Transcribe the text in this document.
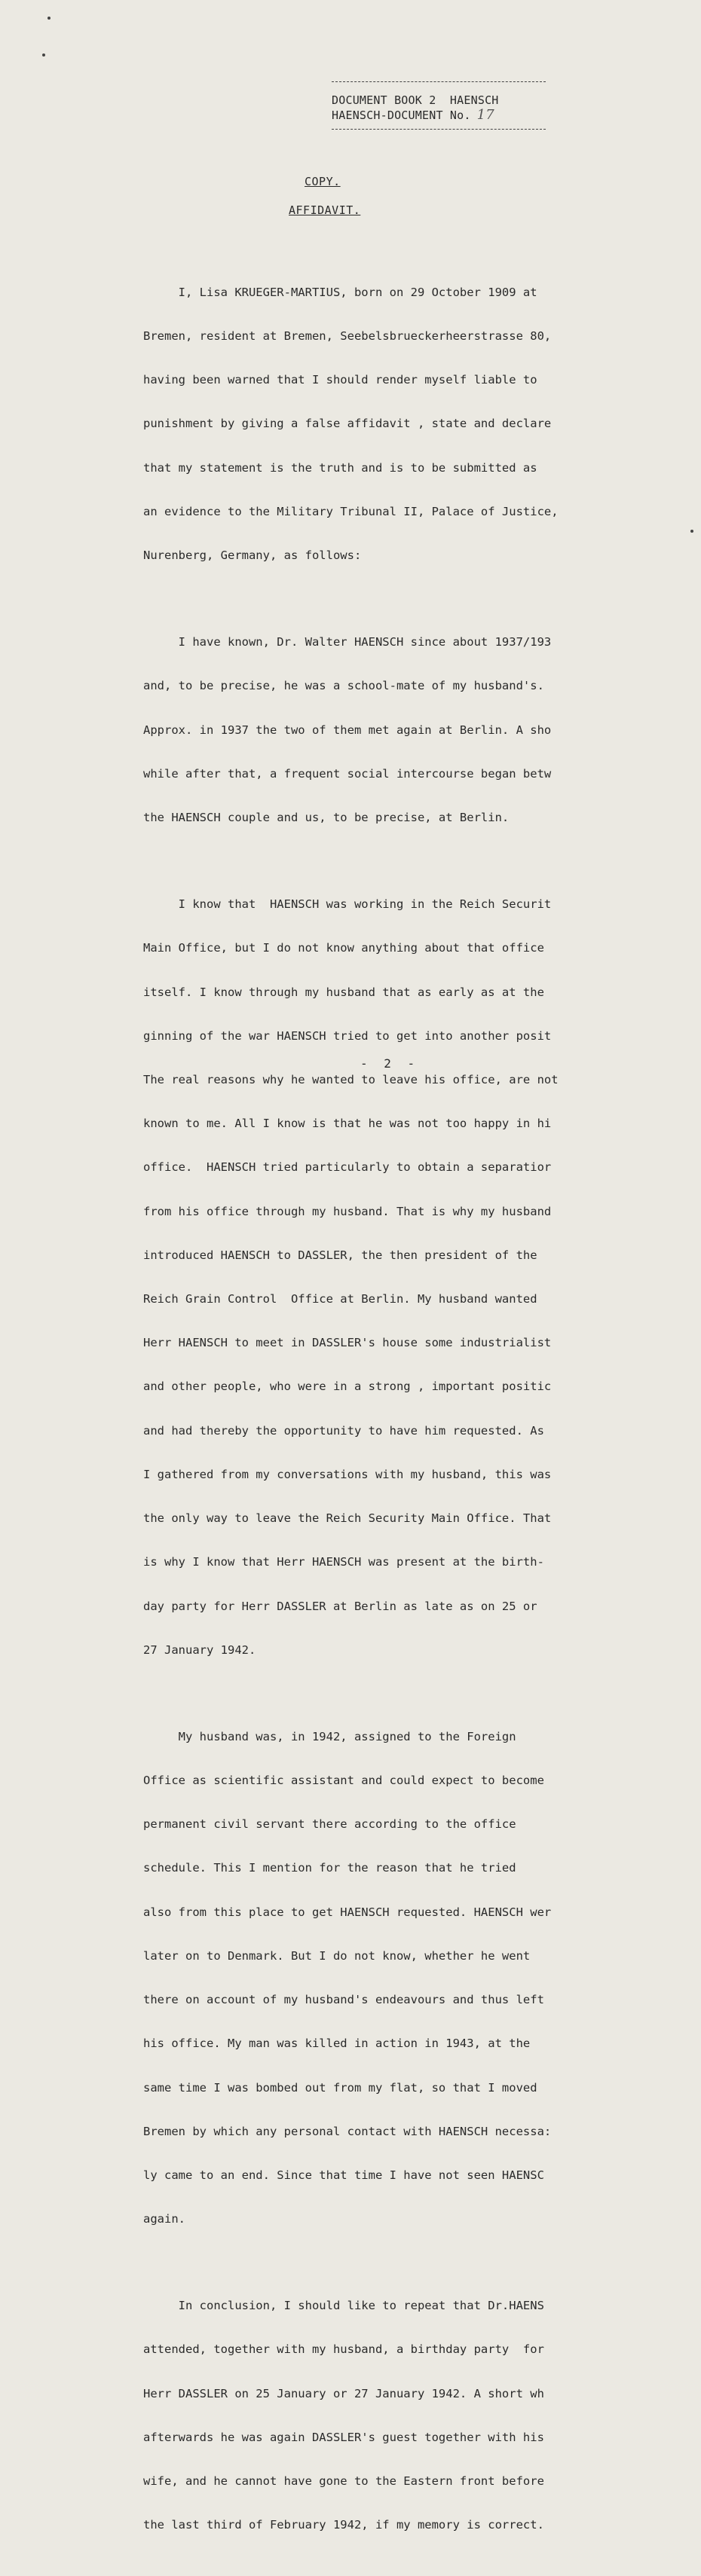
DOCUMENT BOOK 2  HAENSCH
HAENSCH-DOCUMENT No. 17
COPY.
AFFIDAVIT.

I, Lisa KRUEGER-MARTIUS, born on 29 October 1909 at

Bremen, resident at Bremen, Seebelsbrueckerheerstrasse 80,

having been warned that I should render myself liable to

punishment by giving a false affidavit , state and declare

that my statement is the truth and is to be submitted as

an evidence to the Military Tribunal II, Palace of Justice,

Nurenberg, Germany, as follows:

I have known, Dr. Walter HAENSCH since about 1937/193

and, to be precise, he was a school-mate of my husband's.

Approx. in 1937 the two of them met again at Berlin. A sho

while after that, a frequent social intercourse began betw

the HAENSCH couple and us, to be precise, at Berlin.

I know that  HAENSCH was working in the Reich Securit

Main Office, but I do not know anything about that office

itself. I know through my husband that as early as at the

ginning of the war HAENSCH tried to get into another posit

The real reasons why he wanted to leave his office, are not

known to me. All I know is that he was not too happy in hi

office.  HAENSCH tried particularly to obtain a separatior

from his office through my husband. That is why my husband

introduced HAENSCH to DASSLER, the then president of the

Reich Grain Control  Office at Berlin. My husband wanted

Herr HAENSCH to meet in DASSLER's house some industrialist

and other people, who were in a strong , important positic

and had thereby the opportunity to have him requested. As

I gathered from my conversations with my husband, this was

the only way to leave the Reich Security Main Office. That

is why I know that Herr HAENSCH was present at the birth-

day party for Herr DASSLER at Berlin as late as on 25 or

27 January 1942.

My husband was, in 1942, assigned to the Foreign

Office as scientific assistant and could expect to become

permanent civil servant there according to the office

schedule. This I mention for the reason that he tried

also from this place to get HAENSCH requested. HAENSCH wer

later on to Denmark. But I do not know, whether he went

there on account of my husband's endeavours and thus left

his office. My man was killed in action in 1943, at the

same time I was bombed out from my flat, so that I moved

Bremen by which any personal contact with HAENSCH necessa:

ly came to an end. Since that time I have not seen HAENSC

again.

In conclusion, I should like to repeat that Dr.HAENS

attended, together with my husband, a birthday party  for

Herr DASSLER on 25 January or 27 January 1942. A short wh

afterwards he was again DASSLER's guest together with his

wife, and he cannot have gone to the Eastern front before

the last third of February 1942, if my memory is correct.

- 2 -
